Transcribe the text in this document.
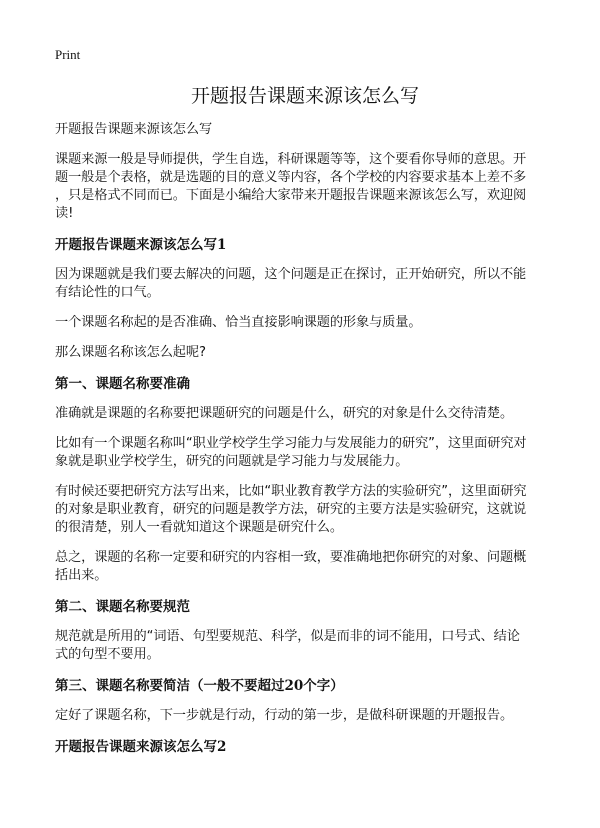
Print
开题报告课题来源该怎么写
开题报告课题来源该怎么写
课题来源一般是导师提供，学生自选，科研课题等等，这个要看你导师的意思。开
题一般是个表格，就是选题的目的意义等内容，各个学校的内容要求基本上差不多
，只是格式不同而已。下面是小编给大家带来开题报告课题来源该怎么写，欢迎阅
读!
开题报告课题来源该怎么写1
因为课题就是我们要去解决的问题，这个问题是正在探讨，正开始研究，所以不能
有结论性的口气。
一个课题名称起的是否准确、恰当直接影响课题的形象与质量。
那么课题名称该怎么起呢?
第一、课题名称要准确
准确就是课题的名称要把课题研究的问题是什么，研究的对象是什么交待清楚。
比如有一个课题名称叫“职业学校学生学习能力与发展能力的研究”，这里面研究对
象就是职业学校学生，研究的问题就是学习能力与发展能力。
有时候还要把研究方法写出来，比如“职业教育教学方法的实验研究”，这里面研究
的对象是职业教育，研究的问题是教学方法，研究的主要方法是实验研究，这就说
的很清楚，别人一看就知道这个课题是研究什么。
总之，课题的名称一定要和研究的内容相一致，要准确地把你研究的对象、问题概
括出来。
第二、课题名称要规范
规范就是所用的“词语、句型要规范、科学，似是而非的词不能用，口号式、结论
式的句型不要用。
第三、课题名称要简洁（一般不要超过20个字）
定好了课题名称，下一步就是行动，行动的第一步，是做科研课题的开题报告。
开题报告课题来源该怎么写2
